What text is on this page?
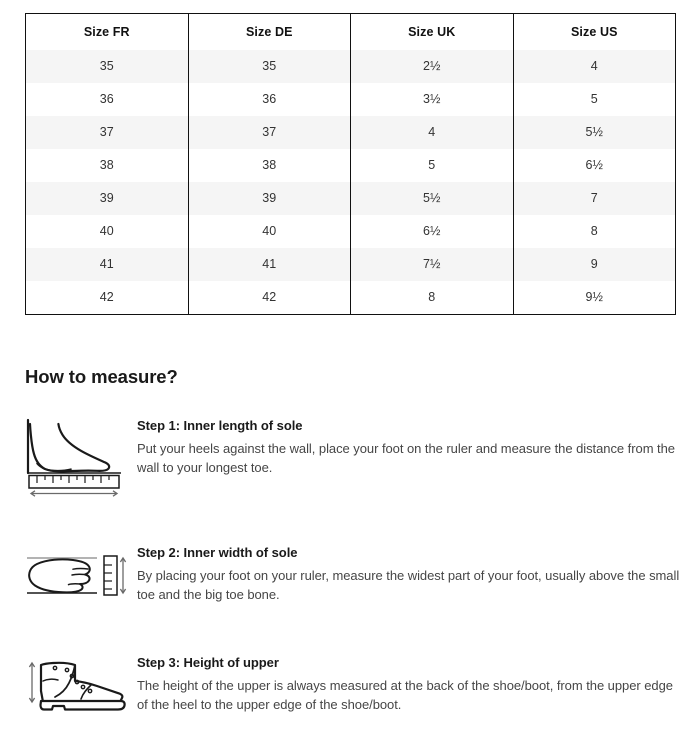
Size FR	Size DE	Size UK	Size US
35	35	2½	4
36	36	3½	5
37	37	4	5½
38	38	5	6½
39	39	5½	7
40	40	6½	8
41	41	7½	9
42	42	8	9½
How to measure?

Step 1: Inner length of sole

Put your heels against the wall, place your foot on the ruler and measure the distance from the wall to your longest toe.

Step 2: Inner width of sole

By placing your foot on your ruler, measure the widest part of your foot, usually above the small toe and the big toe bone.

Step 3: Height of upper

The height of the upper is always measured at the back of the shoe/boot, from the upper edge of the heel to the upper edge of the shoe/boot.
